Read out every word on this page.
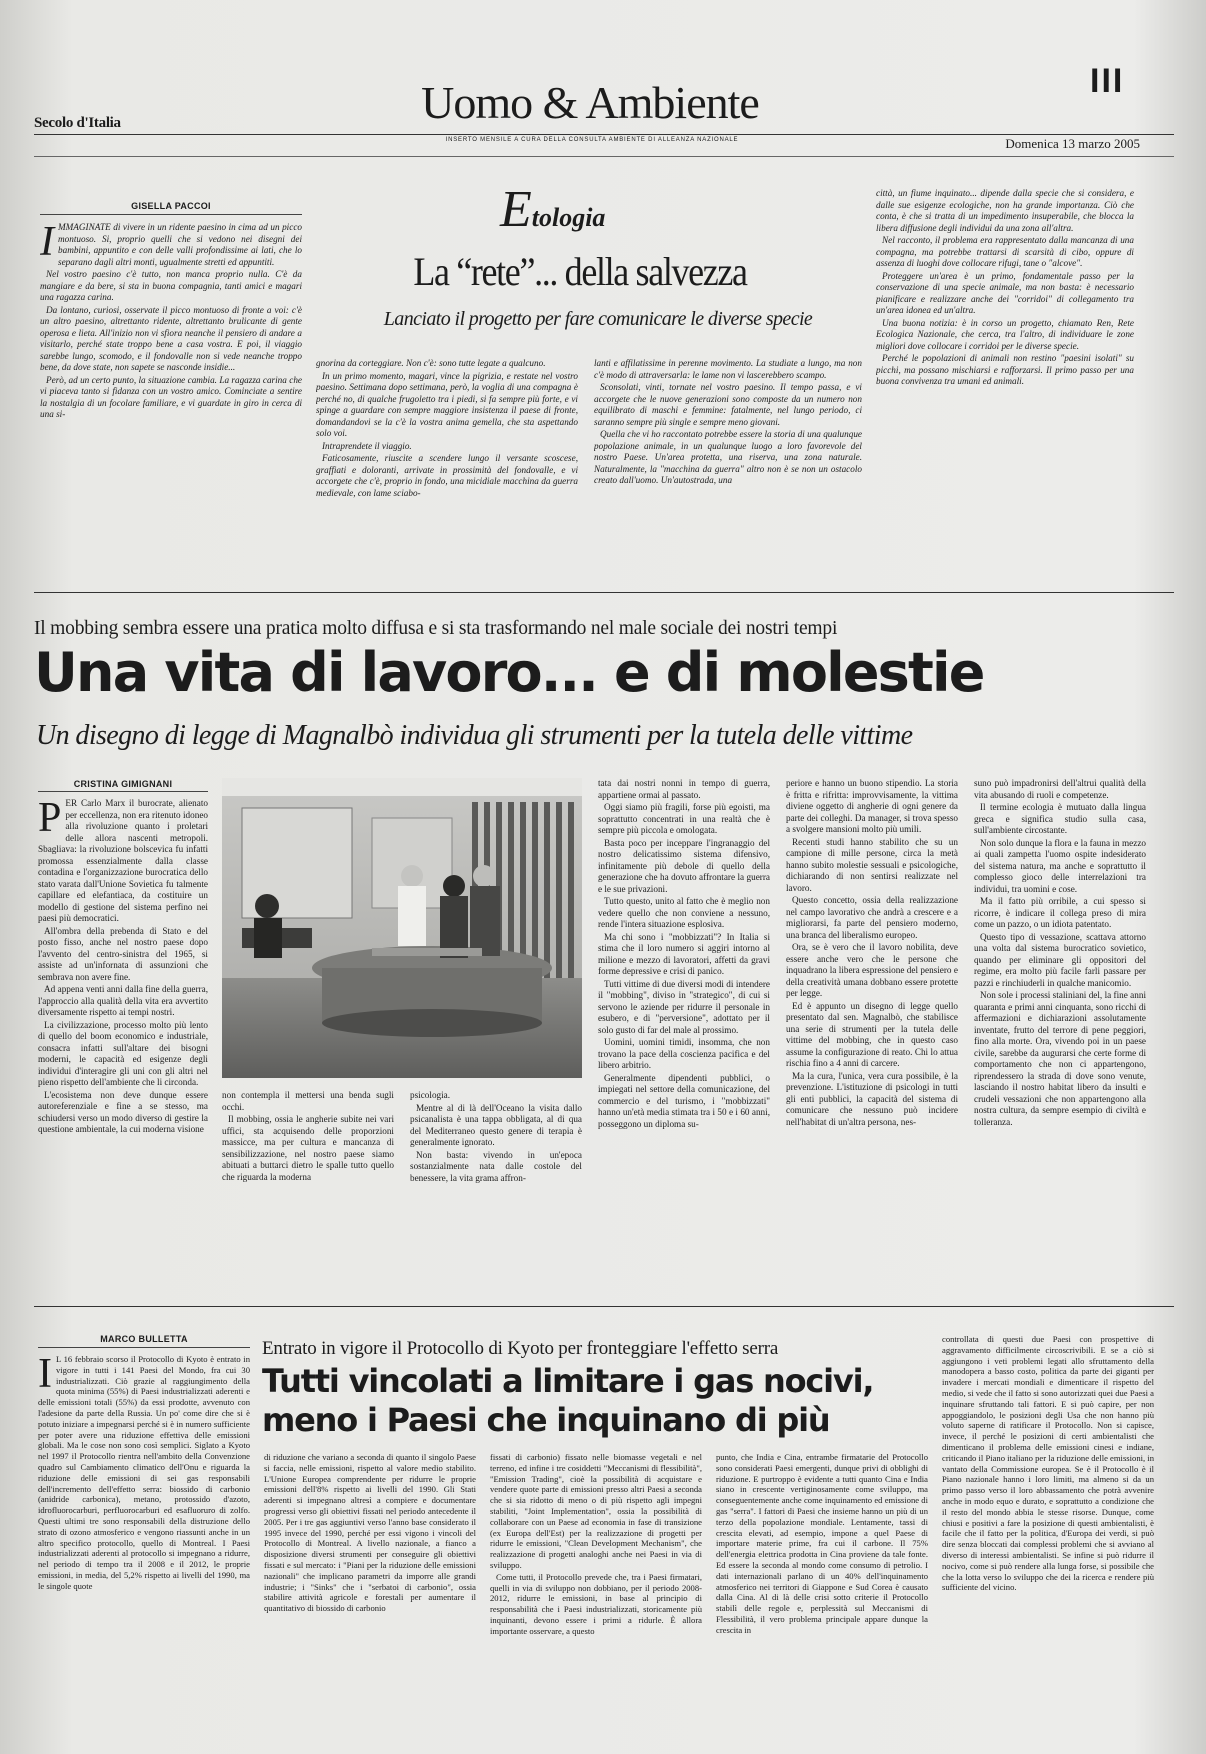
Secolo d'Italia	Uomo & Ambiente
INSERTO MENSILE A CURA DELLA CONSULTA AMBIENTE DI ALLEANZA NAZIONALE	Domenica 13 marzo 2005
III
GISELLA PACCOI	Etologia
La “rete”... della salvezza
Lanciato il progetto per fare comunicare le diverse specie

IMMAGINATE di vivere in un ridente paesino in cima ad un picco montuoso. Si, proprio quelli che si vedono nei disegni dei bambini, appuntito e con delle valli profondissime ai lati, che lo separano dagli altri monti, ugualmente stretti ed appuntiti.

Nel vostro paesino c'è tutto, non manca proprio nulla. C'è da mangiare e da bere, si sta in buona compagnia, tanti amici e magari una ragazza carina.

Da lontano, curiosi, osservate il picco montuoso di fronte a voi: c'è un altro paesino, altrettanto ridente, altrettanto brulicante di gente operosa e lieta. All'inizio non vi sfiora neanche il pensiero di andare a visitarlo, perché state troppo bene a casa vostra. E poi, il viaggio sarebbe lungo, scomodo, e il fondovalle non si vede neanche troppo bene, da dove state, non sapete se nasconde insidie...

Però, ad un certo punto, la situazione cambia. La ragazza carina che vi piaceva tanto si fidanza con un vostro amico. Cominciate a sentire la nostalgia di un focolare familiare, e vi guardate in giro in cerca di una si-

gnorina da corteggiare. Non c'è: sono tutte legate a qualcuno.

In un primo momento, magari, vince la pigrizia, e restate nel vostro paesino. Settimana dopo settimana, però, la voglia di una compagna è perché no, di qualche frugoletto tra i piedi, si fa sempre più forte, e vi spinge a guardare con sempre maggiore insistenza il paese di fronte, domandandovi se la c'è la vostra anima gemella, che sta aspettando solo voi.

Intraprendete il viaggio.

Faticosamente, riuscite a scendere lungo il versante scoscese, graffiati e doloranti, arrivate in prossimità del fondovalle, e vi accorgete che c'è, proprio in fondo, una micidiale macchina da guerra medievale, con lame sciabo-

lanti e affilatissime in perenne movimento. La studiate a lungo, ma non c'è modo di attraversarla: le lame non vi lascerebbero scampo.

Sconsolati, vinti, tornate nel vostro paesino. Il tempo passa, e vi accorgete che le nuove generazioni sono composte da un numero non equilibrato di maschi e femmine: fatalmente, nel lungo periodo, ci saranno sempre più single e sempre meno giovani.

Quella che vi ho raccontato potrebbe essere la storia di una qualunque popolazione animale, in un qualunque luogo a loro favorevole del nostro Paese. Un'area protetta, una riserva, una zona naturale. Naturalmente, la "macchina da guerra" altro non è se non un ostacolo creato dall'uomo. Un'autostrada, una

città, un fiume inquinato... dipende dalla specie che si considera, e dalle sue esigenze ecologiche, non ha grande importanza. Ciò che conta, è che si tratta di un impedimento insuperabile, che blocca la libera diffusione degli individui da una zona all'altra.

Nel racconto, il problema era rappresentato dalla mancanza di una compagna, ma potrebbe trattarsi di scarsità di cibo, oppure di assenza di luoghi dove collocare rifugi, tane o "alcove".

Proteggere un'area è un primo, fondamentale passo per la conservazione di una specie animale, ma non basta: è necessario pianificare e realizzare anche dei "corridoi" di collegamento tra un'area idonea ed un'altra.

Una buona notizia: è in corso un progetto, chiamato Ren, Rete Ecologica Nazionale, che cerca, tra l'altro, di individuare le zone migliori dove collocare i corridoi per le diverse specie.

Perché le popolazioni di animali non restino "paesini isolati" su picchi, ma possano mischiarsi e rafforzarsi. Il primo passo per una buona convivenza tra umani ed animali.

Il mobbing sembra essere una pratica molto diffusa e si sta trasformando nel male sociale dei nostri tempi
Una vita di lavoro... e di molestie
Un disegno di legge di Magnalbò individua gli strumenti per la tutela delle vittime
CRISTINA GIMIGNANI

PER Carlo Marx il burocrate, alienato per eccellenza, non era ritenuto idoneo alla rivoluzione quanto i proletari delle allora nascenti metropoli. Sbagliava: la rivoluzione bolscevica fu infatti promossa essenzialmente dalla classe contadina e l'organizzazione burocratica dello stato varata dall'Unione Sovietica fu talmente capillare ed elefantiaca, da costituire un modello di gestione del sistema perfino nei paesi più democratici.

All'ombra della prebenda di Stato e del posto fisso, anche nel nostro paese dopo l'avvento del centro-sinistra del 1965, si assiste ad un'infornata di assunzioni che sembrava non avere fine.

Ad appena venti anni dalla fine della guerra, l'approccio alla qualità della vita era avvertito diversamente rispetto ai tempi nostri.

La civilizzazione, processo molto più lento di quello del boom economico e industriale, consacra infatti sull'altare dei bisogni moderni, le capacità ed esigenze degli individui d'interagire gli uni con gli altri nel pieno rispetto dell'ambiente che li circonda.

L'ecosistema non deve dunque essere autoreferenziale e fine a se stesso, ma schiudersi verso un modo diverso di gestire la questione ambientale, la cui moderna visione

non contempla il mettersi una benda sugli occhi.

Il mobbing, ossia le angherie subite nei vari uffici, sta acquisendo delle proporzioni massicce, ma per cultura e mancanza di sensibilizzazione, nel nostro paese siamo abituati a buttarci dietro le spalle tutto quello che riguarda la moderna

psicologia.

Mentre al di là dell'Oceano la visita dallo psicanalista è una tappa obbligata, al di qua del Mediterraneo questo genere di terapia è generalmente ignorato.

Non basta: vivendo in un'epoca sostanzialmente nata dalle costole del benessere, la vita grama affron-

tata dai nostri nonni in tempo di guerra, appartiene ormai al passato.

Oggi siamo più fragili, forse più egoisti, ma soprattutto concentrati in una realtà che è sempre più piccola e omologata.

Basta poco per inceppare l'ingranaggio del nostro delicatissimo sistema difensivo, infinitamente più debole di quello della generazione che ha dovuto affrontare la guerra e le sue privazioni.

Tutto questo, unito al fatto che è meglio non vedere quello che non conviene a nessuno, rende l'intera situazione esplosiva.

Ma chi sono i "mobbizzati"? In Italia si stima che il loro numero si aggiri intorno al milione e mezzo di lavoratori, affetti da gravi forme depressive e crisi di panico.

Tutti vittime di due diversi modi di intendere il "mobbing", diviso in "strategico", di cui si servono le aziende per ridurre il personale in esubero, e di "perversione", adottato per il solo gusto di far del male al prossimo.

Uomini, uomini timidi, insomma, che non trovano la pace della coscienza pacifica e del libero arbitrio.

Generalmente dipendenti pubblici, o impiegati nel settore della comunicazione, del commercio e del turismo, i "mobbizzati" hanno un'età media stimata tra i 50 e i 60 anni, posseggono un diploma su-

periore e hanno un buono stipendio. La storia è fritta e rifritta: improvvisamente, la vittima diviene oggetto di angherie di ogni genere da parte dei colleghi. Da manager, si trova spesso a svolgere mansioni molto più umili.

Recenti studi hanno stabilito che su un campione di mille persone, circa la metà hanno subito molestie sessuali e psicologiche, dichiarando di non sentirsi realizzate nel lavoro.

Questo concetto, ossia della realizzazione nel campo lavorativo che andrà a crescere e a migliorarsi, fa parte del pensiero moderno, una branca del liberalismo europeo.

Ora, se è vero che il lavoro nobilita, deve essere anche vero che le persone che inquadrano la libera espressione del pensiero e della creatività umana dobbano essere protette per legge.

Ed è appunto un disegno di legge quello presentato dal sen. Magnalbò, che stabilisce una serie di strumenti per la tutela delle vittime del mobbing, che in questo caso assume la configurazione di reato. Chi lo attua rischia fino a 4 anni di carcere.

Ma la cura, l'unica, vera cura possibile, è la prevenzione. L'istituzione di psicologi in tutti gli enti pubblici, la capacità del sistema di comunicare che nessuno può incidere nell'habitat di un'altra persona, nes-

suno può impadronirsi dell'altrui qualità della vita abusando di ruoli e competenze.

Il termine ecologia è mutuato dalla lingua greca e significa studio sulla casa, sull'ambiente circostante.

Non solo dunque la flora e la fauna in mezzo ai quali zampetta l'uomo ospite indesiderato del sistema natura, ma anche e soprattutto il complesso gioco delle interrelazioni tra individui, tra uomini e cose.

Ma il fatto più orribile, a cui spesso si ricorre, è indicare il collega preso di mira come un pazzo, o un idiota patentato.

Questo tipo di vessazione, scattava attorno una volta dal sistema burocratico sovietico, quando per eliminare gli oppositori del regime, era molto più facile farli passare per pazzi e rinchiuderli in qualche manicomio.

Non sole i processi staliniani del, la fine anni quaranta e primi anni cinquanta, sono ricchi di affermazioni e dichiarazioni assolutamente inventate, frutto del terrore di pene peggiori, fino alla morte. Ora, vivendo poi in un paese civile, sarebbe da augurarsi che certe forme di comportamento che non ci appartengono, riprendessero la strada di dove sono venute, lasciando il nostro habitat libero da insulti e crudeli vessazioni che non appartengono alla nostra cultura, da sempre esempio di civiltà e tolleranza.

MARCO BULLETTA	Entrato in vigore il Protocollo di Kyoto per fronteggiare l'effetto serra
Tutti vincolati a limitare i gas nocivi, meno i Paesi che inquinano di più

I L 16 febbraio scorso il Protocollo di Kyoto è entrato in vigore in tutti i 141 Paesi del Mondo, fra cui 30 industrializzati. Ciò grazie al raggiungimento della quota minima (55%) di Paesi industrializzati aderenti e delle emissioni totali (55%) da essi prodotte, avvenuto con l'adesione da parte della Russia. Un po' come dire che si è potuto iniziare a impegnarsi perché si è in numero sufficiente per poter avere una riduzione effettiva delle emissioni globali. Ma le cose non sono così semplici. Siglato a Kyoto nel 1997 il Protocollo rientra nell'ambito della Convenzione quadro sul Cambiamento climatico dell'Onu e riguarda la riduzione delle emissioni di sei gas responsabili dell'incremento dell'effetto serra: biossido di carbonio (anidride carbonica), metano, protossido d'azoto, idrofluorocarburi, perfluorocarburi ed esafluoruro di zolfo. Questi ultimi tre sono responsabili della distruzione dello strato di ozono atmosferico e vengono riassunti anche in un altro specifico protocollo, quello di Montreal. I Paesi industrializzati aderenti al protocollo si impegnano a ridurre, nel periodo di tempo tra il 2008 e il 2012, le proprie emissioni, in media, del 5,2% rispetto ai livelli del 1990, ma le singole quote

di riduzione che variano a seconda di quanto il singolo Paese si faccia, nelle emissioni, rispetto al valore medio stabilito. L'Unione Europea comprendente per ridurre le proprie emissioni dell'8% rispetto ai livelli del 1990. Gli Stati aderenti si impegnano altresì a compiere e documentare progressi verso gli obiettivi fissati nel periodo antecedente il 2005. Per i tre gas aggiuntivi verso l'anno base considerato il 1995 invece del 1990, perché per essi vigono i vincoli del Protocollo di Montreal. A livello nazionale, a fianco a disposizione diversi strumenti per conseguire gli obiettivi fissati e sul mercato: i "Piani per la riduzione delle emissioni nazionali" che implicano parametri da imporre alle grandi industrie; i "Sinks" che i "serbatoi di carbonio", ossia stabilire attività agricole e forestali per aumentare il quantitativo di biossido di carbonio

fissati di carbonio) fissato nelle biomasse vegetali e nel terreno, ed infine i tre cosiddetti "Meccanismi di flessibilità", "Emission Trading", cioè la possibilità di acquistare e vendere quote parte di emissioni presso altri Paesi a seconda che si sia ridotto di meno o di più rispetto agli impegni stabiliti, "Joint Implementation", ossia la possibilità di collaborare con un Paese ad economia in fase di transizione (ex Europa dell'Est) per la realizzazione di progetti per ridurre le emissioni, "Clean Development Mechanism", che realizzazione di progetti analoghi anche nei Paesi in via di sviluppo.

Come tutti, il Protocollo prevede che, tra i Paesi firmatari, quelli in via di sviluppo non dobbiano, per il periodo 2008-2012, ridurre le emissioni, in base al principio di responsabilità che i Paesi industrializzati, storicamente più inquinanti, devono essere i primi a ridurle. È allora importante osservare, a questo

punto, che India e Cina, entrambe firmatarie del Protocollo sono considerati Paesi emergenti, dunque privi di obblighi di riduzione. E purtroppo è evidente a tutti quanto Cina e India siano in crescente vertiginosamente come sviluppo, ma conseguentemente anche come inquinamento ed emissione di gas "serra". I fattori di Paesi che insieme hanno un più di un terzo della popolazione mondiale. Lentamente, tassi di crescita elevati, ad esempio, impone a quel Paese di importare materie prime, fra cui il carbone. Il 75% dell'energia elettrica prodotta in Cina proviene da tale fonte. Ed essere la seconda al mondo come consumo di petrolio. I dati internazionali parlano di un 40% dell'inquinamento atmosferico nei territori di Giappone e Sud Corea è causato dalla Cina. Al di là delle crisi sotto criterie il Protocollo stabilì delle regole e, perplessità sul Meccanismi di Flessibilità, il vero problema principale appare dunque la crescita in

controllata di questi due Paesi con prospettive di aggravamento difficilmente circoscrivibili. E se a ciò si aggiungono i veti problemi legati allo sfruttamento della manodopera a basso costo, politica da parte dei giganti per invadere i mercati mondiali e dimenticare il rispetto del medio, si vede che il fatto si sono autorizzati quei due Paesi a inquinare sfruttando tali fattori. E si può capire, per non appoggiandolo, le posizioni degli Usa che non hanno più voluto saperne di ratificare il Protocollo. Non si capisce, invece, il perché le posizioni di certi ambientalisti che dimenticano il problema delle emissioni cinesi e indiane, criticando il Piano italiano per la riduzione delle emissioni, in vantato della Commissione europea. Se è il Protocollo è il Piano nazionale hanno i loro limiti, ma almeno si da un primo passo verso il loro abbassamento che potrà avvenire anche in modo equo e durato, e soprattutto a condizione che il resto del mondo abbia le stesse risorse. Dunque, come chiusi e positivi a fare la posizione di questi ambientalisti, è facile che il fatto per la politica, d'Europa dei verdi, si può dire senza bloccati dai complessi problemi che si avviano al diverso di interessi ambientalisti. Se infine si può ridurre il nocivo, come si può rendere alla lunga forse, si possibile che che la lotta verso lo sviluppo che dei la ricerca e rendere più sufficiente del vicino.
